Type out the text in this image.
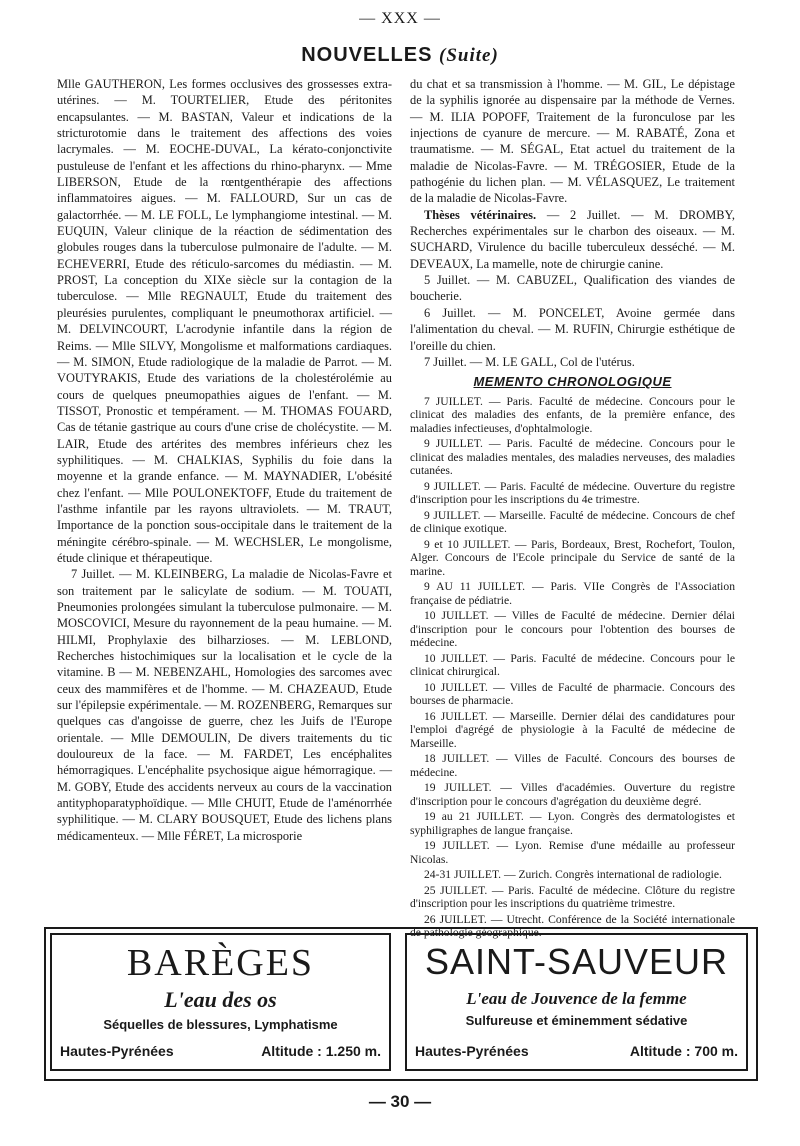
— XXX —
NOUVELLES (Suite)

Mlle GAUTHERON, Les formes occlusives des grossesses extra-utérines. — M. TOURTELIER, Etude des péritonites encapsulantes. — M. BASTAN, Valeur et indications de la stricturotomie dans le traitement des affections des voies lacrymales. — M. EOCHE-DUVAL, La kérato-conjonctivite pustuleuse de l'enfant et les affections du rhino-pharynx. — Mme LIBERSON, Etude de la rœntgenthérapie des affections inflammatoires aigues. — M. FALLOURD, Sur un cas de galactorrhée. — M. LE FOLL, Le lymphangiome intestinal. — M. EUQUIN, Valeur clinique de la réaction de sédimentation des globules rouges dans la tuberculose pulmonaire de l'adulte. — M. ECHEVERRI, Etude des réticulo-sarcomes du médiastin. — M. PROST, La conception du XIXe siècle sur la contagion de la tuberculose. — Mlle REGNAULT, Etude du traitement des pleurésies purulentes, compliquant le pneumothorax artificiel. — M. DELVINCOURT, L'acrodynie infantile dans la région de Reims. — Mlle SILVY, Mongolisme et malformations cardiaques. — M. SIMON, Etude radiologique de la maladie de Parrot. — M. VOUTYRAKIS, Etude des variations de la cholestérolémie au cours de quelques pneumopathies aigues de l'enfant. — M. TISSOT, Pronostic et tempérament. — M. THOMAS FOUARD, Cas de tétanie gastrique au cours d'une crise de cholécystite. — M. LAIR, Etude des artérites des membres inférieurs chez les syphilitiques. — M. CHALKIAS, Syphilis du foie dans la moyenne et la grande enfance. — M. MAYNADIER, L'obésité chez l'enfant. — Mlle POULONEKTOFF, Etude du traitement de l'asthme infantile par les rayons ultraviolets. — M. TRAUT, Importance de la ponction sous-occipitale dans le traitement de la méningite cérébro-spinale. — M. WECHSLER, Le mongolisme, étude clinique et thérapeutique.

7 Juillet. — M. KLEINBERG, La maladie de Nicolas-Favre et son traitement par le salicylate de sodium. — M. TOUATI, Pneumonies prolongées simulant la tuberculose pulmonaire. — M. MOSCOVICI, Mesure du rayonnement de la peau humaine. — M. HILMI, Prophylaxie des bilharzioses. — M. LEBLOND, Recherches histochimiques sur la localisation et le cycle de la vitamine. B — M. NEBENZAHL, Homologies des sarcomes avec ceux des mammifères et de l'homme. — M. CHAZEAUD, Etude sur l'épilepsie expérimentale. — M. ROZENBERG, Remarques sur quelques cas d'angoisse de guerre, chez les Juifs de l'Europe orientale. — Mlle DEMOULIN, De divers traitements du tic douloureux de la face. — M. FARDET, Les encéphalites hémorragiques. L'encéphalite psychosique aigue hémorragique. — M. GOBY, Etude des accidents nerveux au cours de la vaccination antityphoparatyphoïdique. — Mlle CHUIT, Etude de l'aménorrhée syphilitique. — M. CLARY BOUSQUET, Etude des lichens plans médicamenteux. — Mlle FÉRET, La microsporie

du chat et sa transmission à l'homme. — M. GIL, Le dépistage de la syphilis ignorée au dispensaire par la méthode de Vernes. — M. ILIA POPOFF, Traitement de la furonculose par les injections de cyanure de mercure. — M. RABATÉ, Zona et traumatisme. — M. SÉGAL, Etat actuel du traitement de la maladie de Nicolas-Favre. — M. TRÉGOSIER, Etude de la pathogénie du lichen plan. — M. VÉLASQUEZ, Le traitement de la maladie de Nicolas-Favre.

Thèses vétérinaires. — 2 Juillet. — M. DROMBY, Recherches expérimentales sur le charbon des oiseaux. — M. SUCHARD, Virulence du bacille tuberculeux desséché. — M. DEVEAUX, La mamelle, note de chirurgie canine.

5 Juillet. — M. CABUZEL, Qualification des viandes de boucherie.

6 Juillet. — M. PONCELET, Avoine germée dans l'alimentation du cheval. — M. RUFIN, Chirurgie esthétique de l'oreille du chien.

7 Juillet. — M. LE GALL, Col de l'utérus.

MEMENTO CHRONOLOGIQUE

7 JUILLET. — Paris. Faculté de médecine. Concours pour le clinicat des maladies des enfants, de la première enfance, des maladies infectieuses, d'ophtalmologie.

9 JUILLET. — Paris. Faculté de médecine. Concours pour le clinicat des maladies mentales, des maladies nerveuses, des maladies cutanées.

9 JUILLET. — Paris. Faculté de médecine. Ouverture du registre d'inscription pour les inscriptions du 4e trimestre.

9 JUILLET. — Marseille. Faculté de médecine. Concours de chef de clinique exotique.

9 et 10 JUILLET. — Paris, Bordeaux, Brest, Rochefort, Toulon, Alger. Concours de l'Ecole principale du Service de santé de la marine.

9 AU 11 JUILLET. — Paris. VIIe Congrès de l'Association française de pédiatrie.

10 JUILLET. — Villes de Faculté de médecine. Dernier délai d'inscription pour le concours pour l'obtention des bourses de médecine.

10 JUILLET. — Paris. Faculté de médecine. Concours pour le clinicat chirurgical.

10 JUILLET. — Villes de Faculté de pharmacie. Concours des bourses de pharmacie.

16 JUILLET. — Marseille. Dernier délai des candidatures pour l'emploi d'agrégé de physiologie à la Faculté de médecine de Marseille.

18 JUILLET. — Villes de Faculté. Concours des bourses de médecine.

19 JUILLET. — Villes d'académies. Ouverture du registre d'inscription pour le concours d'agrégation du deuxième degré.

19 au 21 JUILLET. — Lyon. Congrès des dermatologistes et syphiligraphes de langue française.

19 JUILLET. — Lyon. Remise d'une médaille au professeur Nicolas.

24-31 JUILLET. — Zurich. Congrès international de radiologie.

25 JUILLET. — Paris. Faculté de médecine. Clôture du registre d'inscription pour les inscriptions du quatrième trimestre.

26 JUILLET. — Utrecht. Conférence de la Société internationale de pathologie géographique.

BARÈGES
L'eau des os
Séquelles de blessures, Lymphatisme
Hautes-Pyrénées	Altitude : 1.250 m.
SAINT-SAUVEUR
L'eau de Jouvence de la femme
Sulfureuse et éminemment sédative
Hautes-Pyrénées	Altitude : 700 m.
— 30 —
